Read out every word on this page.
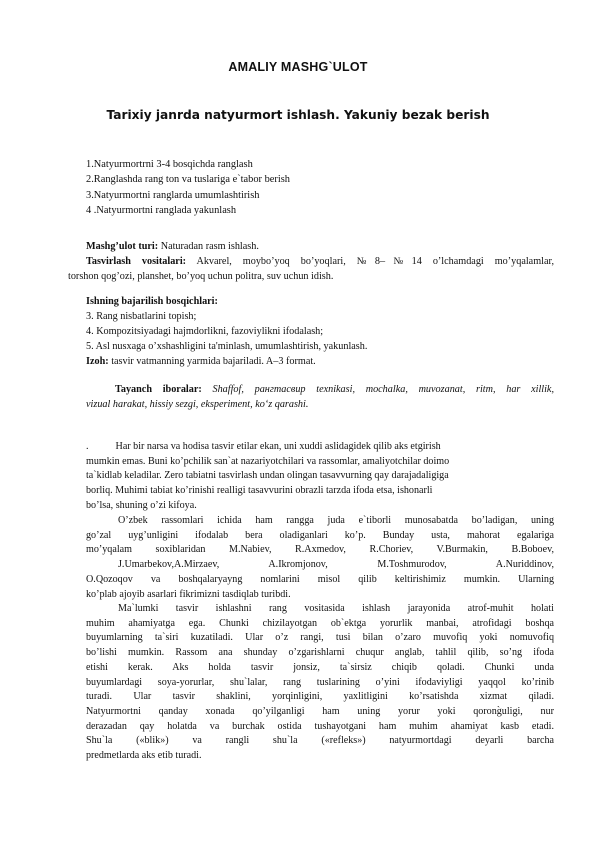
AMALIY MASHG`ULOT
Tarixiy janrda natyurmort ishlash. Yakuniy bezak berish
1.Natyurmortrni 3-4 bosqichda ranglash
2.Ranglashda rang ton va tuslariga e`tabor berish
3.Natyurmortni ranglarda umumlashtirish
4 .Natyurmortni ranglada yakunlash
Mashg’ulot turi: Naturadan rasm ishlash.
Tasvirlash vositalari: Akvarel, moybo’yoq bo’yoqlari, №8–№14 o’lchamdagi mo’yqalamlar,
torshon qog’ozi, planshet, bo’yoq uchun politra, suv uchun idish.
Ishning bajarilish bosqichlari:
3. Rang nisbatlarini topish;
4. Kompozitsiyadagi hajmdorlikni, fazoviylikni ifodalash;
5. Asl nusxaga o’xshashligini ta'minlash, umumlashtirish, yakunlash.
Izoh: tasvir vatmanning yarmida bajariladi. A–3 format.
Tayanch iboralar: Shaffof, рангтасвир texnikasi, mochalka, muvozanat, ritm, har xillik,
vizual harakat, hissiy sezgi, eksperiment, ko‘z qarashi.
.	Har bir narsa va hodisa tasvir etilar ekan, uni xuddi aslidagidek qilib aks etgirish
mumkin emas. Buni ko’pchilik san`at nazariyotchilari va rassomlar, amaliyotchilar doimo
ta`kidlab keladilar. Zero tabiatni tasvirlash undan olingan tasavvurning qay darajadaligiga
borliq. Muhimi tabiat ko’rinishi realligi tasavvurini obrazli tarzda ifoda etsa, ishonarli
bo’lsa, shuning o’zi kifoya.
O’zbek rassomlari ichida ham rangga juda e`tiborli munosabatda bo’ladigan, uning
go’zal uyg’unligini ifodalab bera oladiganlari ko’p. Bunday usta, mahorat egalariga
mo’yqalam soxiblaridan M.Nabiev, R.Axmedov, R.Choriev, V.Burmakin, B.Boboev,
J.Umarbekov,A.Mirzaev, A.Ikromjonov, M.Toshmurodov, A.Nuriddinov,
O.Qozoqov va boshqalaryayng nomlarini misol qilib keltirishimiz mumkin. Ularning
ko’plab ajoyib asarlari fikrimizni tasdiqlab turibdi.
Ma`lumki tasvir ishlashni rang vositasida ishlash jarayonida atrof-muhit holati
muhim ahamiyatga ega. Chunki chizilayotgan ob`ektga yorurlik manbai, atrofidagi boshqa
buyumlarning ta`siri kuzatiladi. Ular o’z rangi, tusi bilan o’zaro muvofiq yoki nomuvofiq
bo’lishi mumkin. Rassom ana shunday o’zgarishlarni chuqur anglab, tahlil qilib, so’ng ifoda
etishi kerak. Aks holda tasvir jonsiz, ta`sirsiz chiqib qoladi. Chunki unda
buyumlardagi soya-yorurlar, shu`lalar, rang tuslarining o’yini ifodaviyligi yaqqol ko’rinib
turadi. Ular tasvir shaklini, yorqinligini, yaxlitligini ko’rsatishda xizmat qiladi.
Natyurmortni qanday xonada qo’yilganligi ham uning yorur yoki qorong̀uligi, nur
derazadan qay holatda va burchak ostida tushayotgani ham muhim ahamiyat kasb etadi.
Shu`la («blik») va rangli shu`la («refleks») natyurmortdagi deyarli barcha
predmetlarda aks etib turadi.
